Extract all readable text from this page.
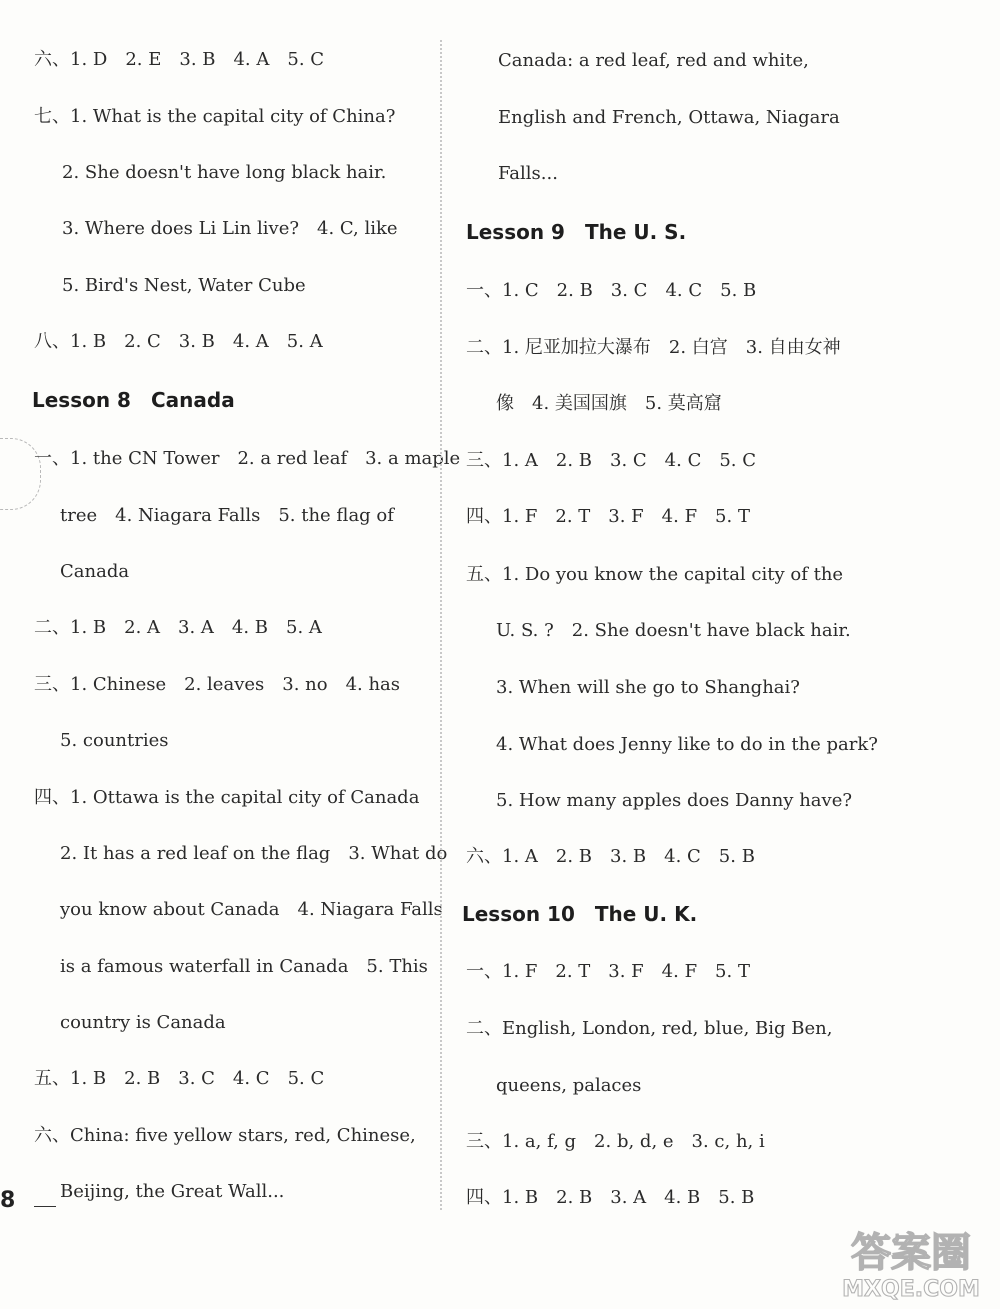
六、1. D　2. E　3. B　4. A　5. C
七、1. What is the capital city of China?
2. She doesn't have long black hair.
3. Where does Li Lin live?　4. C, like
5. Bird's Nest, Water Cube
八、1. B　2. C　3. B　4. A　5. A
Lesson 8　Canada
一、1. the CN Tower　2. a red leaf　3. a maple
tree　4. Niagara Falls　5. the flag of
Canada
二、1. B　2. A　3. A　4. B　5. A
三、1. Chinese　2. leaves　3. no　4. has
5. countries
四、1. Ottawa is the capital city of Canada
2. It has a red leaf on the flag　3. What do
you know about Canada　4. Niagara Falls
is a famous waterfall in Canada　5. This
country is Canada
五、1. B　2. B　3. C　4. C　5. C
六、China: five yellow stars, red, Chinese,
Beijing, the Great Wall...
Canada: a red leaf, red and white,
English and French, Ottawa, Niagara
Falls...
Lesson 9　The U. S.
一、1. C　2. B　3. C　4. C　5. B
二、1. 尼亚加拉大瀑布　2. 白宫　3. 自由女神
像　4. 美国国旗　5. 莫高窟
三、1. A　2. B　3. C　4. C　5. C
四、1. F　2. T　3. F　4. F　5. T
五、1. Do you know the capital city of the
U. S. ?　2. She doesn't have black hair.
3. When will she go to Shanghai?
4. What does Jenny like to do in the park?
5. How many apples does Danny have?
六、1. A　2. B　3. B　4. C　5. B
Lesson 10　The U. K.
一、1. F　2. T　3. F　4. F　5. T
二、English, London, red, blue, Big Ben,
queens, palaces
三、1. a, f, g　2. b, d, e　3. c, h, i
四、1. B　2. B　3. A　4. B　5. B
8
答案圈
MXQE.COM
